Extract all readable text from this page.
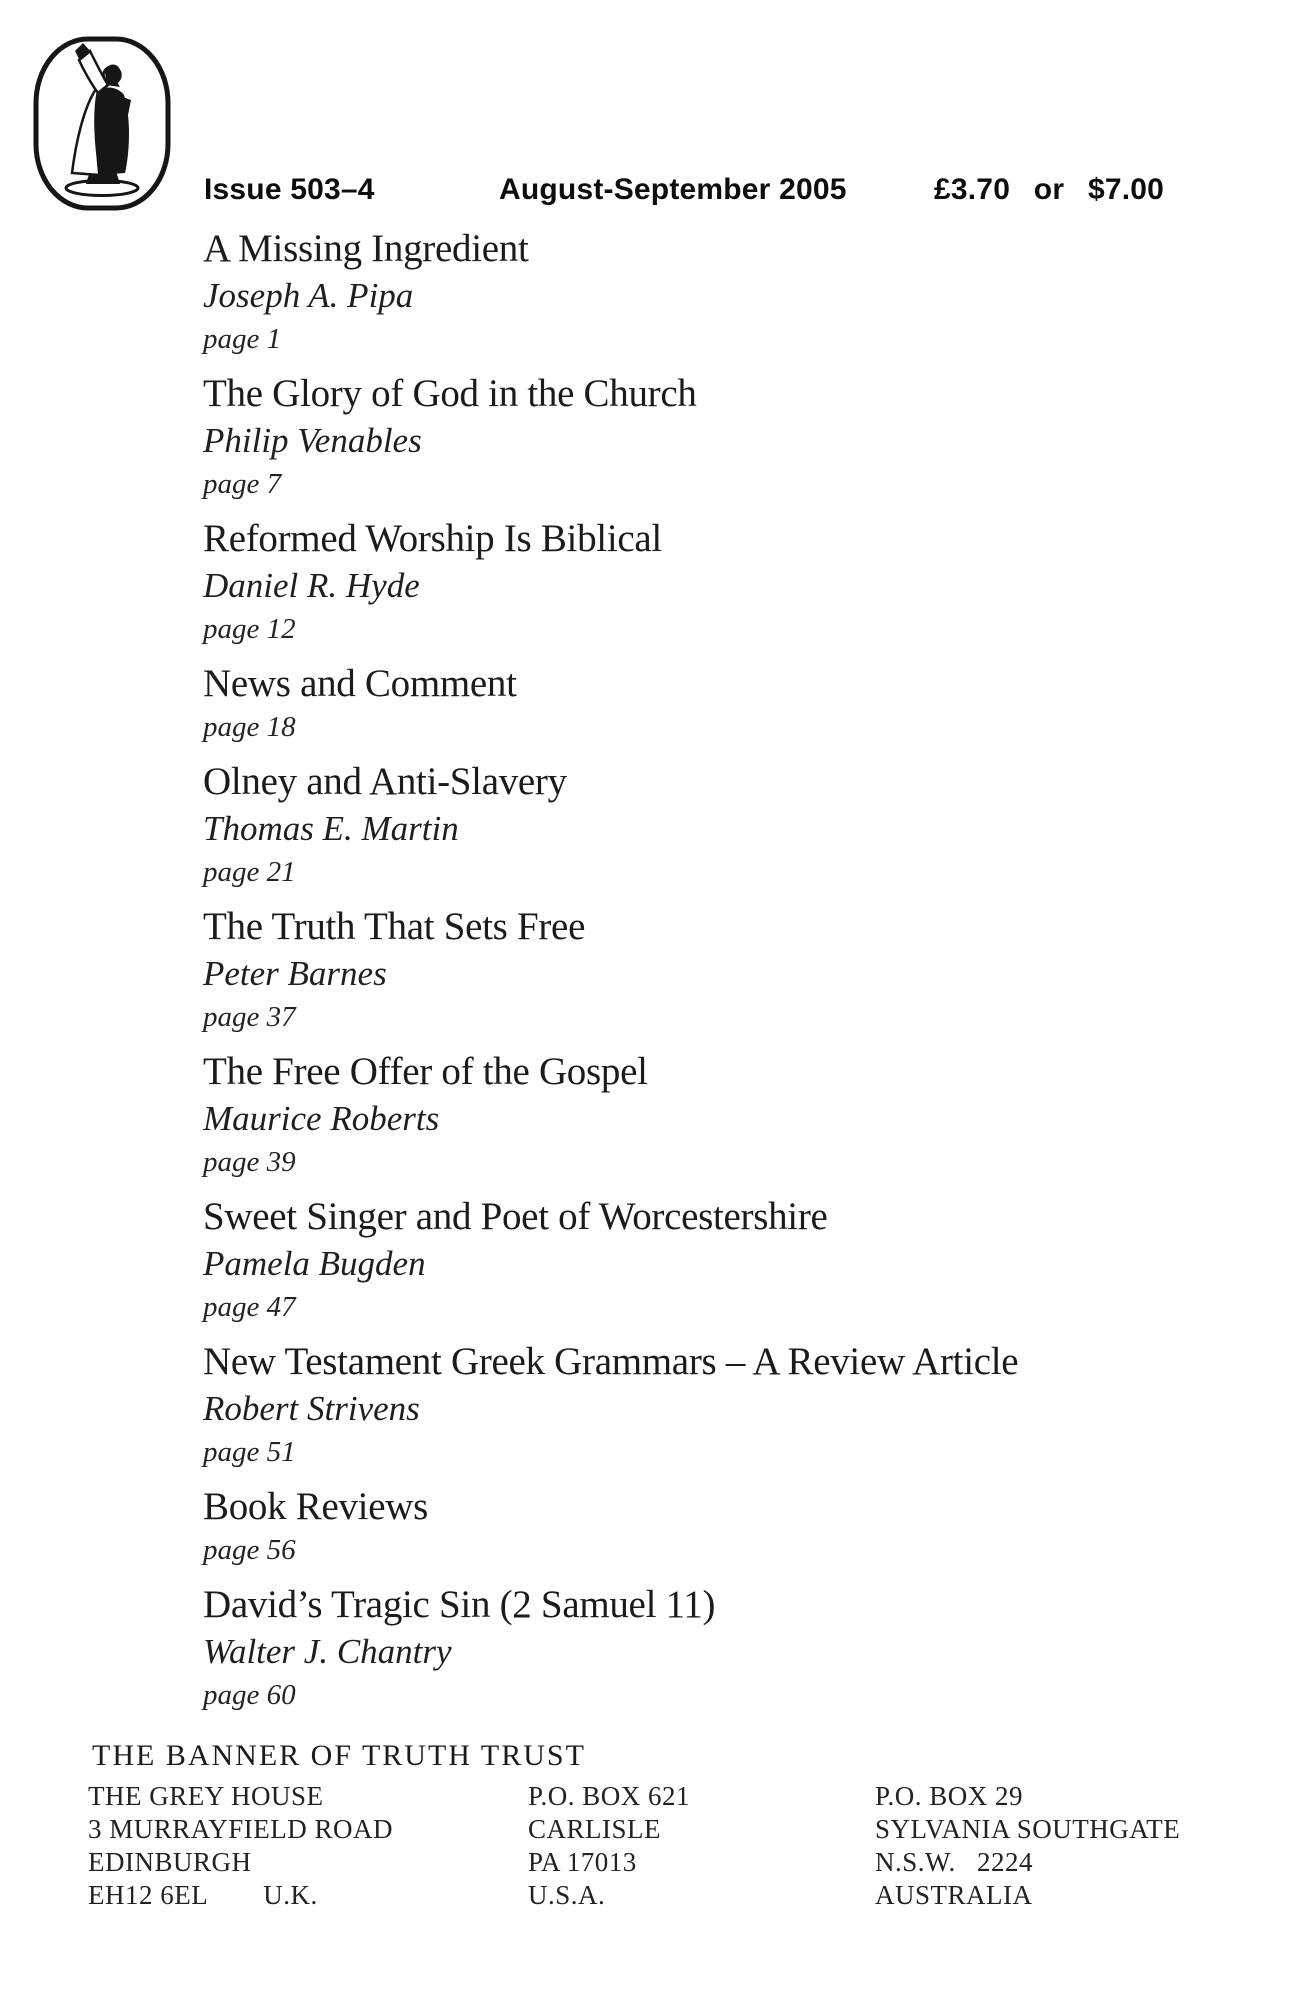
Issue 503–4	August-September 2005	£3.70  or  $7.00
A Missing Ingredient
Joseph A. Pipa
page 1
The Glory of God in the Church
Philip Venables
page 7
Reformed Worship Is Biblical
Daniel R. Hyde
page 12
News and Comment
page 18
Olney and Anti-Slavery
Thomas E. Martin
page 21
The Truth That Sets Free
Peter Barnes
page 37
The Free Offer of the Gospel
Maurice Roberts
page 39
Sweet Singer and Poet of Worcestershire
Pamela Bugden
page 47
New Testament Greek Grammars – A Review Article
Robert Strivens
page 51
Book Reviews
page 56
David’s Tragic Sin (2 Samuel 11)
Walter J. Chantry
page 60
THE BANNER OF TRUTH TRUST
THE GREY HOUSE
3 MURRAYFIELD ROAD
EDINBURGH
EH12 6EL  U.K.
P.O. BOX 621
CARLISLE
PA 17013
U.S.A.
P.O. BOX 29
SYLVANIA SOUTHGATE
N.S.W.  2224
AUSTRALIA
